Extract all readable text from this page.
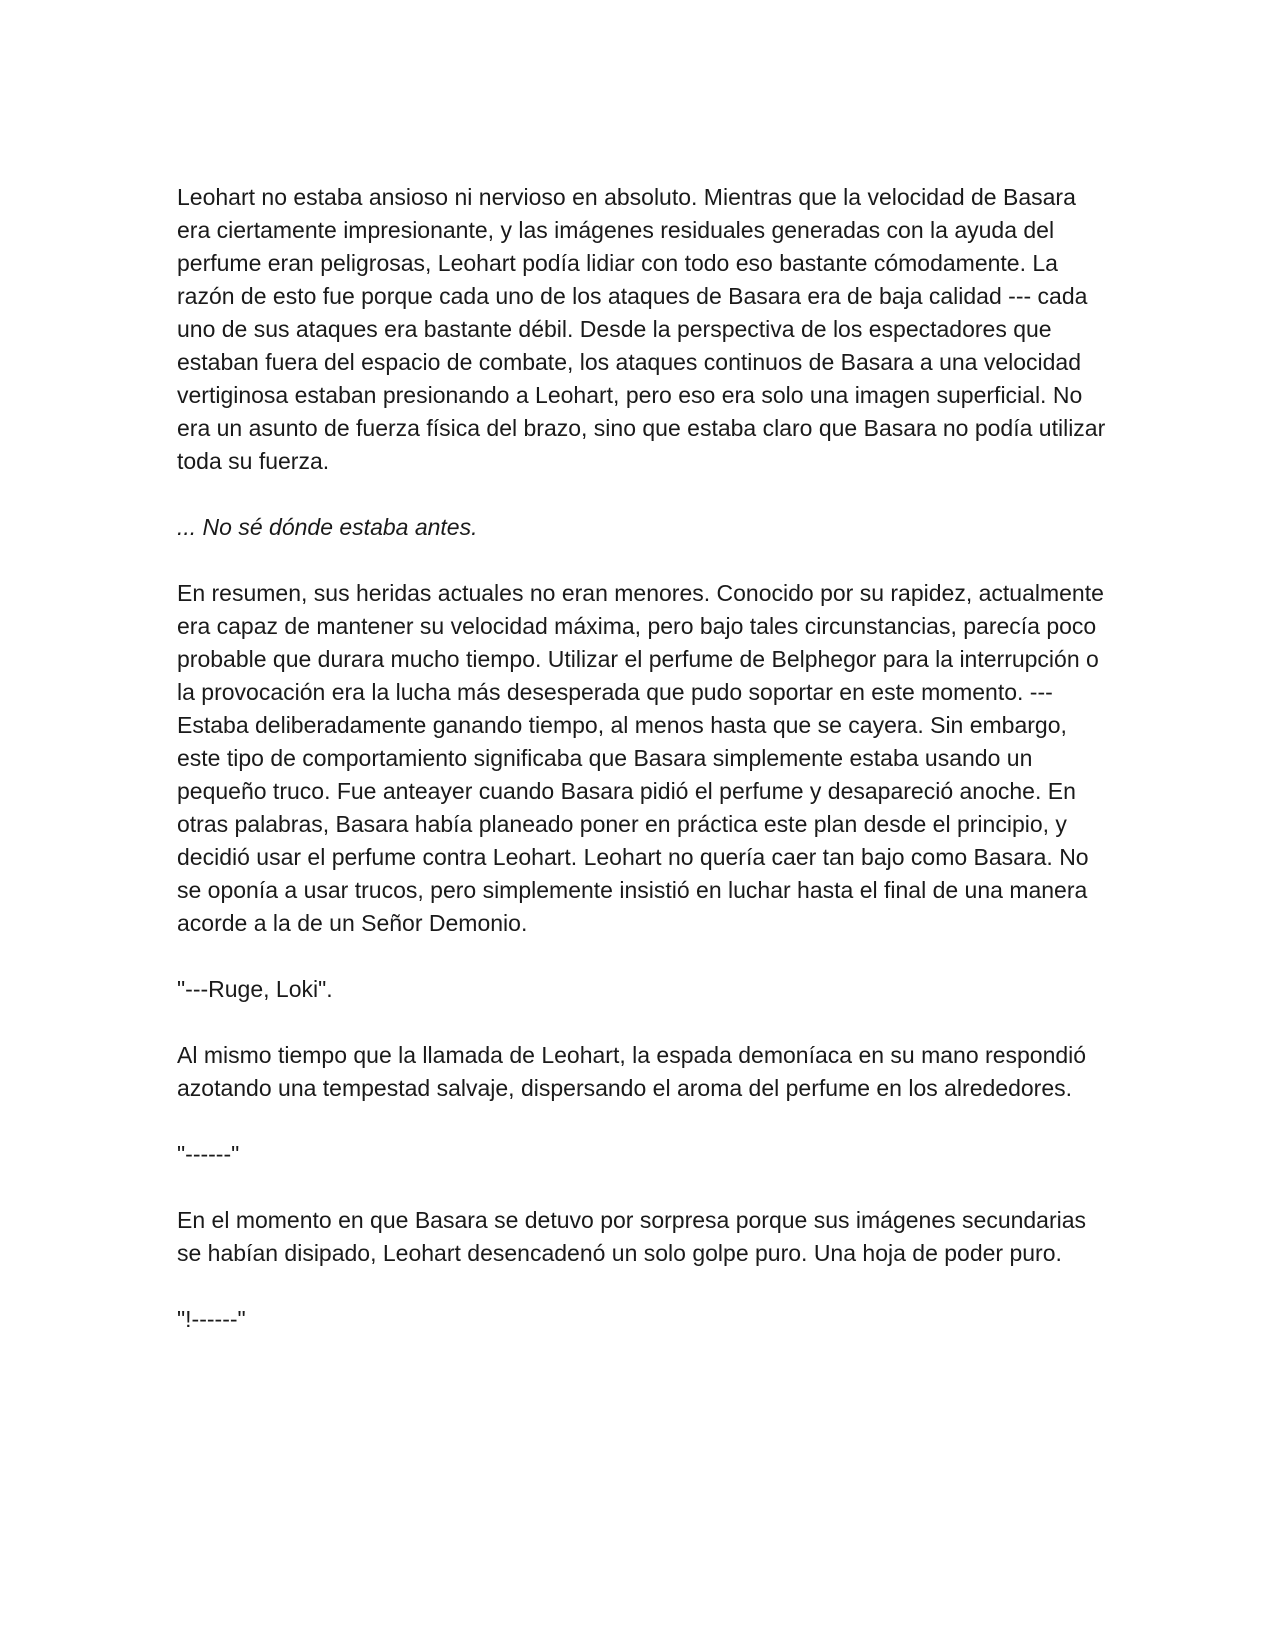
Leohart no estaba ansioso ni nervioso en absoluto. Mientras que la velocidad de Basara era ciertamente impresionante, y las imágenes residuales generadas con la ayuda del perfume eran peligrosas, Leohart podía lidiar con todo eso bastante cómodamente. La razón de esto fue porque cada uno de los ataques de Basara era de baja calidad --- cada uno de sus ataques era bastante débil. Desde la perspectiva de los espectadores que estaban fuera del espacio de combate, los ataques continuos de Basara a una velocidad vertiginosa estaban presionando a Leohart, pero eso era solo una imagen superficial. No era un asunto de fuerza física del brazo, sino que estaba claro que Basara no podía utilizar toda su fuerza.

... No sé dónde estaba antes.

En resumen, sus heridas actuales no eran menores. Conocido por su rapidez, actualmente era capaz de mantener su velocidad máxima, pero bajo tales circunstancias, parecía poco probable que durara mucho tiempo. Utilizar el perfume de Belphegor para la interrupción o la provocación era la lucha más desesperada que pudo soportar en este momento. --- Estaba deliberadamente ganando tiempo, al menos hasta que se cayera. Sin embargo, este tipo de comportamiento significaba que Basara simplemente estaba usando un pequeño truco. Fue anteayer cuando Basara pidió el perfume y desapareció anoche. En otras palabras, Basara había planeado poner en práctica este plan desde el principio, y decidió usar el perfume contra Leohart. Leohart no quería caer tan bajo como Basara. No se oponía a usar trucos, pero simplemente insistió en luchar hasta el final de una manera acorde a la de un Señor Demonio.

"---Ruge, Loki".

Al mismo tiempo que la llamada de Leohart, la espada demoníaca en su mano respondió azotando una tempestad salvaje, dispersando el aroma del perfume en los alrededores.

"------"

En el momento en que Basara se detuvo por sorpresa porque sus imágenes secundarias se habían disipado, Leohart desencadenó un solo golpe puro. Una hoja de poder puro.

"!------"
